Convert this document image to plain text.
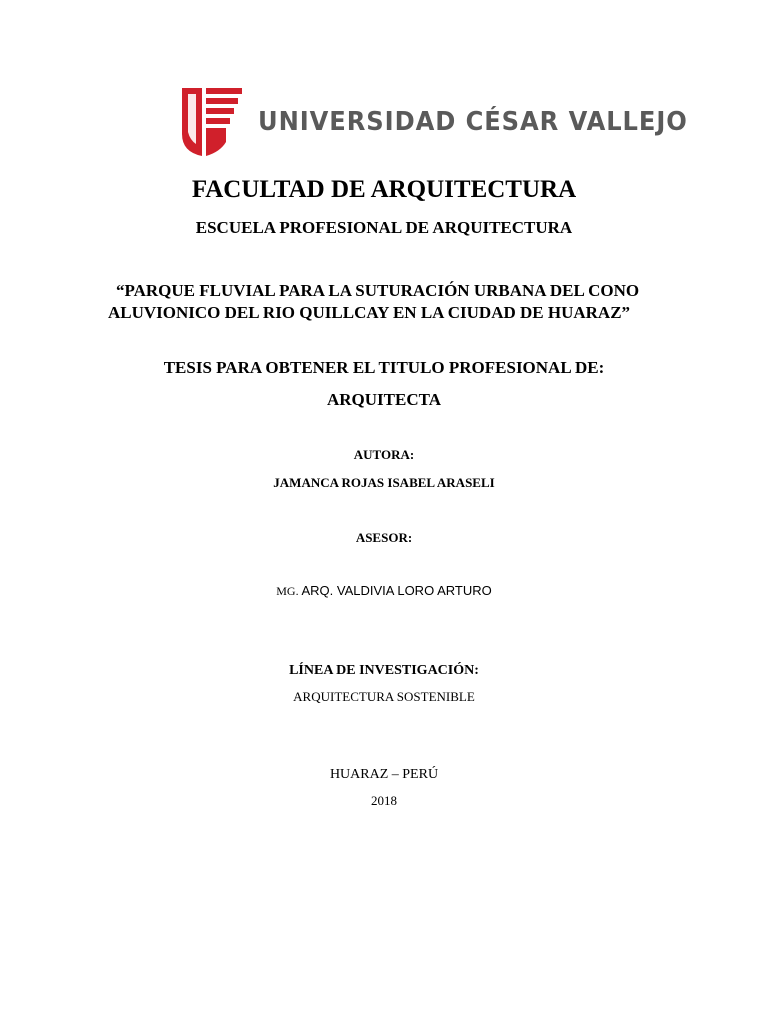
UNIVERSIDAD CÉSAR VALLEJO
FACULTAD DE ARQUITECTURA
ESCUELA PROFESIONAL DE ARQUITECTURA
“PARQUE FLUVIAL PARA LA SUTURACIÓN URBANA DEL CONO
ALUVIONICO DEL RIO QUILLCAY EN LA CIUDAD DE HUARAZ”
TESIS PARA OBTENER EL TITULO PROFESIONAL DE:
ARQUITECTA
AUTORA:
JAMANCA ROJAS ISABEL ARASELI
ASESOR:
MG. ARQ. VALDIVIA LORO ARTURO
LÍNEA DE INVESTIGACIÓN:
ARQUITECTURA SOSTENIBLE
HUARAZ – PERÚ
2018
